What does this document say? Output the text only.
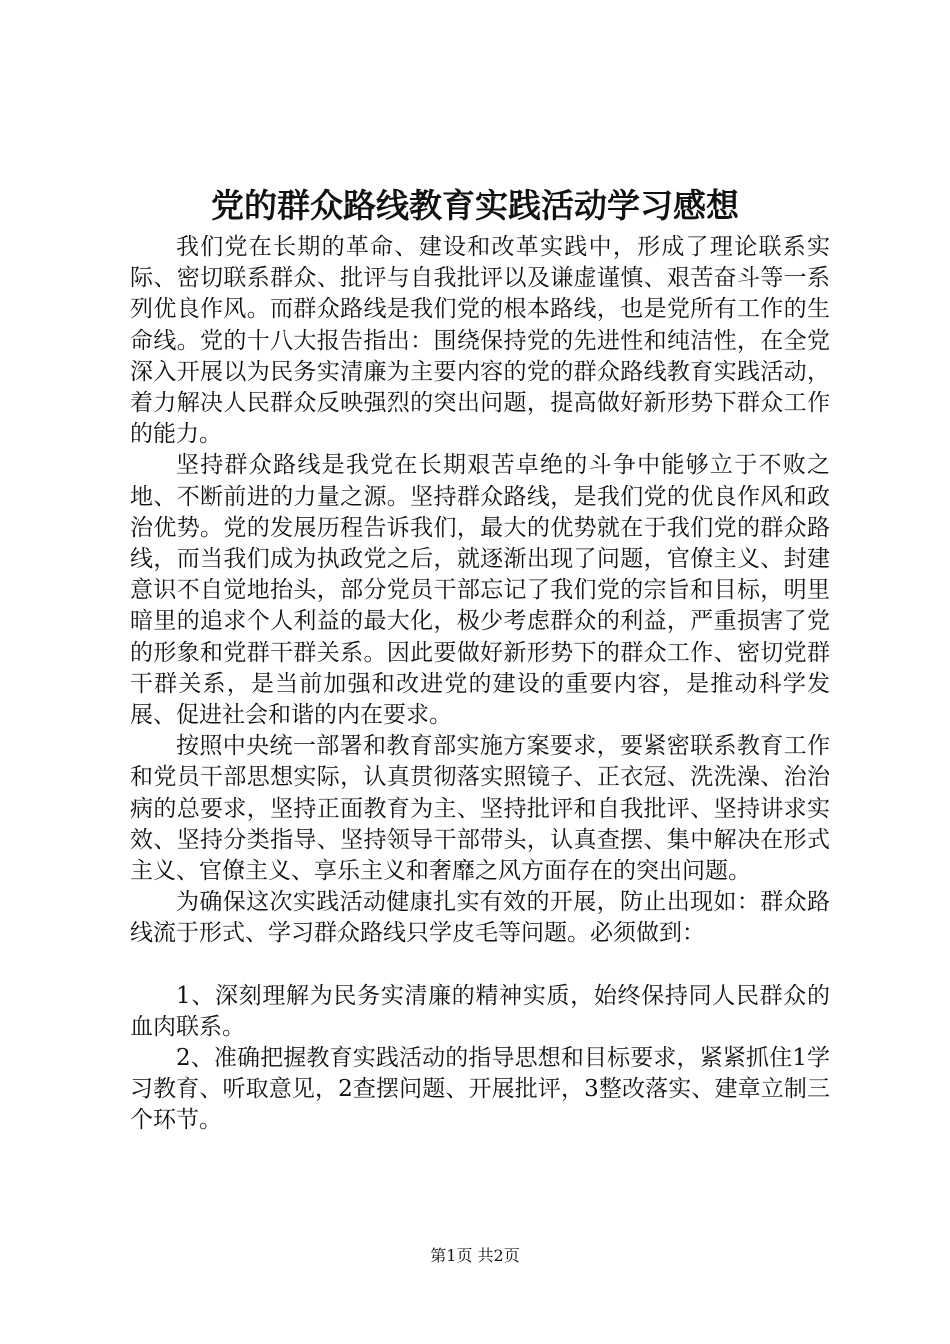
党的群众路线教育实践活动学习感想

我们党在长期的革命、建设和改革实践中，形成了理论联系实际、密切联系群众、批评与自我批评以及谦虚谨慎、艰苦奋斗等一系列优良作风。而群众路线是我们党的根本路线，也是党所有工作的生命线。党的十八大报告指出：围绕保持党的先进性和纯洁性，在全党深入开展以为民务实清廉为主要内容的党的群众路线教育实践活动，着力解决人民群众反映强烈的突出问题，提高做好新形势下群众工作的能力。

坚持群众路线是我党在长期艰苦卓绝的斗争中能够立于不败之地、不断前进的力量之源。坚持群众路线，是我们党的优良作风和政治优势。党的发展历程告诉我们，最大的优势就在于我们党的群众路线，而当我们成为执政党之后，就逐渐出现了问题，官僚主义、封建意识不自觉地抬头，部分党员干部忘记了我们党的宗旨和目标，明里暗里的追求个人利益的最大化，极少考虑群众的利益，严重损害了党的形象和党群干群关系。因此要做好新形势下的群众工作、密切党群干群关系，是当前加强和改进党的建设的重要内容，是推动科学发展、促进社会和谐的内在要求。

按照中央统一部署和教育部实施方案要求，要紧密联系教育工作和党员干部思想实际，认真贯彻落实照镜子、正衣冠、洗洗澡、治治病的总要求，坚持正面教育为主、坚持批评和自我批评、坚持讲求实效、坚持分类指导、坚持领导干部带头，认真查摆、集中解决在形式主义、官僚主义、享乐主义和奢靡之风方面存在的突出问题。

为确保这次实践活动健康扎实有效的开展，防止出现如：群众路线流于形式、学习群众路线只学皮毛等问题。必须做到：

1、深刻理解为民务实清廉的精神实质，始终保持同人民群众的血肉联系。

2、准确把握教育实践活动的指导思想和目标要求，紧紧抓住1学习教育、听取意见，2查摆问题、开展批评，3整改落实、建章立制三个环节。

第1页 共2页
